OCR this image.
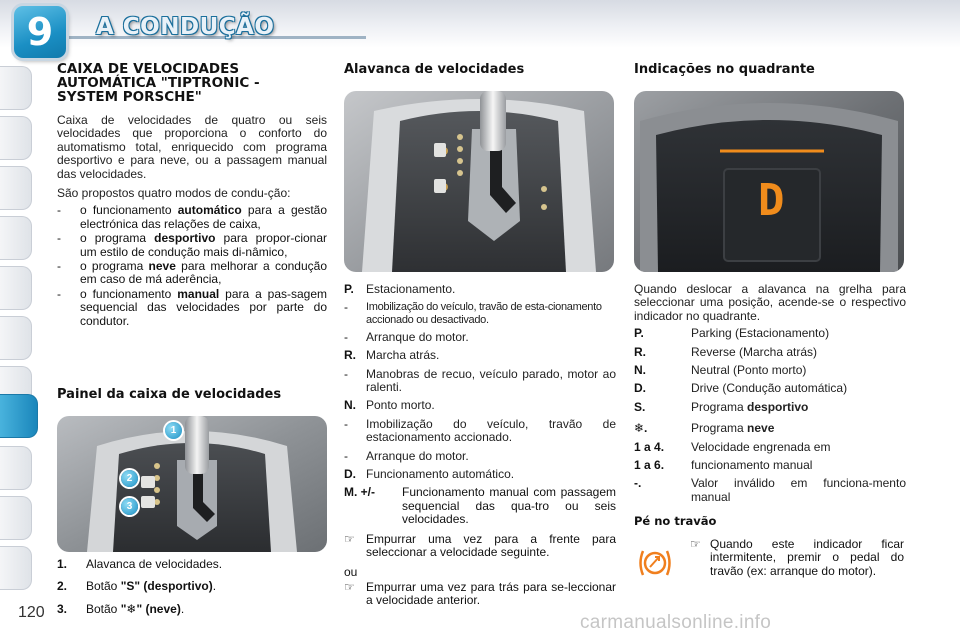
9	A CONDUÇÃO
120
CAIXA DE VELOCIDADES AUTOMÁTICA "TIPTRONIC - SYSTEM PORSCHE"
Caixa de velocidades de quatro ou seis velocidades que proporciona o conforto do automatismo total, enriquecido com programa desportivo e para neve, ou a passagem manual das velocidades.
São propostos quatro modos de condu-ção:
- o funcionamento automático para a gestão electrónica das relações de caixa,
- o programa desportivo para propor-cionar um estilo de condução mais di-nâmico,
- o programa neve para melhorar a condução em caso de má aderência,
- o funcionamento manual para a pas-sagem sequencial das velocidades por parte do condutor.
Painel da caixa de velocidades
1
2
3
1.	Alavanca de velocidades.
2.	Botão "S" (desportivo).
3.	Botão "❄" (neve).
Alavanca de velocidades
P.	Estacionamento.
-	Imobilização do veículo, travão de esta-cionamento accionado ou desactivado.
-	Arranque do motor.
R. Marcha atrás.
-	Manobras de recuo, veículo parado, motor ao ralenti.
N. Ponto morto.
-	Imobilização do veículo, travão de estacionamento accionado.
-	Arranque do motor.
D. Funcionamento automático.
M. +/-	Funcionamento manual com passagem sequencial das qua-tro ou seis velocidades.
☞ Empurrar uma vez para a frente para seleccionar a velocidade seguinte.
ou
☞ Empurrar uma vez para trás para se-leccionar a velocidade anterior.
Indicações no quadrante
D
Quando deslocar a alavanca na grelha para seleccionar uma posição, acende-se o respectivo indicador no quadrante.
P.	Parking (Estacionamento)
R.	Reverse (Marcha atrás)
N.	Neutral (Ponto morto)
D.	Drive (Condução automática)
S.	Programa desportivo
❄.	Programa neve
1 a 4.	Velocidade engrenada em
1 a 6.	funcionamento manual
-.	Valor inválido em funciona-mento manual
Pé no travão
☞ Quando este indicador ficar intermitente, premir o pedal do travão (ex: arranque do motor).
carmanualsonline.info
